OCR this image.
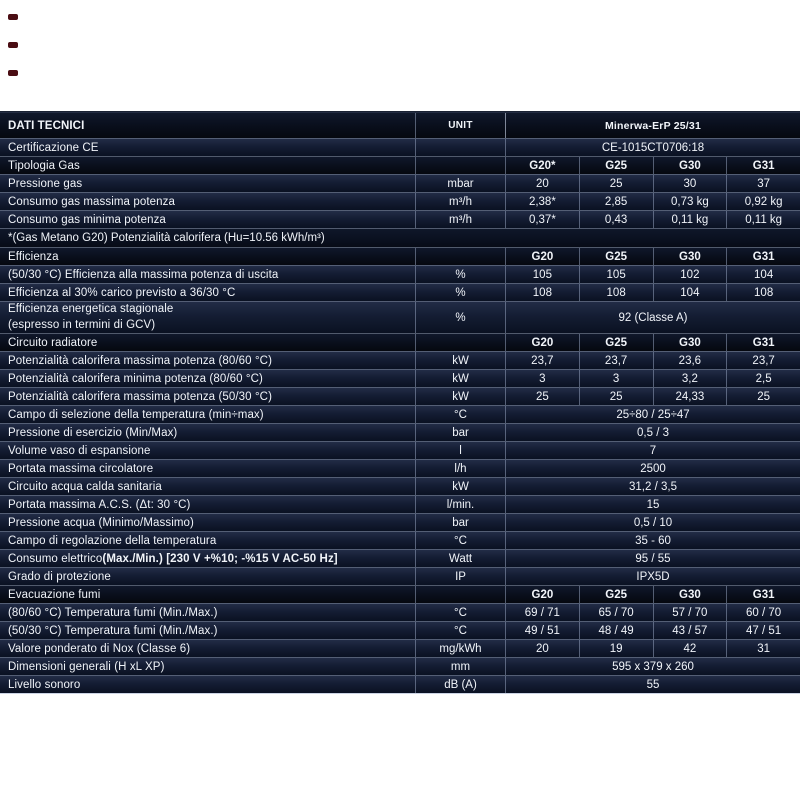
DATI TECNICI	UNIT	Minerwa-ErP 25/31
Certificazione CE	CE-1015CT0706:18
Tipologia Gas	G20*	G25	G30	G31
Pressione gas	mbar	20	25	30	37
Consumo gas massima potenza	m³/h	2,38*	2,85	0,73 kg	0,92 kg
Consumo gas minima potenza	m³/h	0,37*	0,43	0,11 kg	0,11 kg
*(Gas Metano G20) Potenzialità calorifera (Hu=10.56 kWh/m³)
Efficienza	G20	G25	G30	G31
(50/30 °C) Efficienza alla massima potenza di uscita	%	105	105	102	104
Efficienza al 30% carico previsto a 36/30 °C	%	108	108	104	108
Efficienza energetica stagionale
(espresso in termini di GCV)
%	92 (Classe A)
Circuito radiatore	G20	G25	G30	G31
Potenzialità calorifera massima potenza (80/60 °C)	kW	23,7	23,7	23,6	23,7
Potenzialità calorifera minima potenza (80/60 °C)	kW	3	3	3,2	2,5
Potenzialità calorifera massima potenza (50/30 °C)	kW	25	25	24,33	25
Campo di selezione della temperatura (min÷max)	°C	25÷80 / 25÷47
Pressione di esercizio (Min/Max)	bar	0,5 / 3
Volume vaso di espansione	l	7
Portata massima circolatore	l/h	2500
Circuito acqua calda sanitaria	kW	31,2 / 3,5
Portata massima A.C.S. (Δt: 30 °C)	l/min.	15
Pressione acqua (Minimo/Massimo)	bar	0,5 / 10
Campo di regolazione della temperatura	°C	35 - 60
Consumo elettrico (Max./Min.) [230 V +%10; -%15 V AC-50 Hz]	Watt	95 / 55
Grado di protezione	IP	IPX5D
Evacuazione fumi	G20	G25	G30	G31
(80/60 °C) Temperatura fumi (Min./Max.)	°C	69 / 71	65 / 70	57 / 70	60 / 70
(50/30 °C) Temperatura fumi (Min./Max.)	°C	49 / 51	48 / 49	43 / 57	47 / 51
Valore ponderato di Nox (Classe 6)	mg/kWh	20	19	42	31
Dimensioni generali (H xL XP)	mm	595 x 379 x 260
Livello sonoro	dB (A)	55
